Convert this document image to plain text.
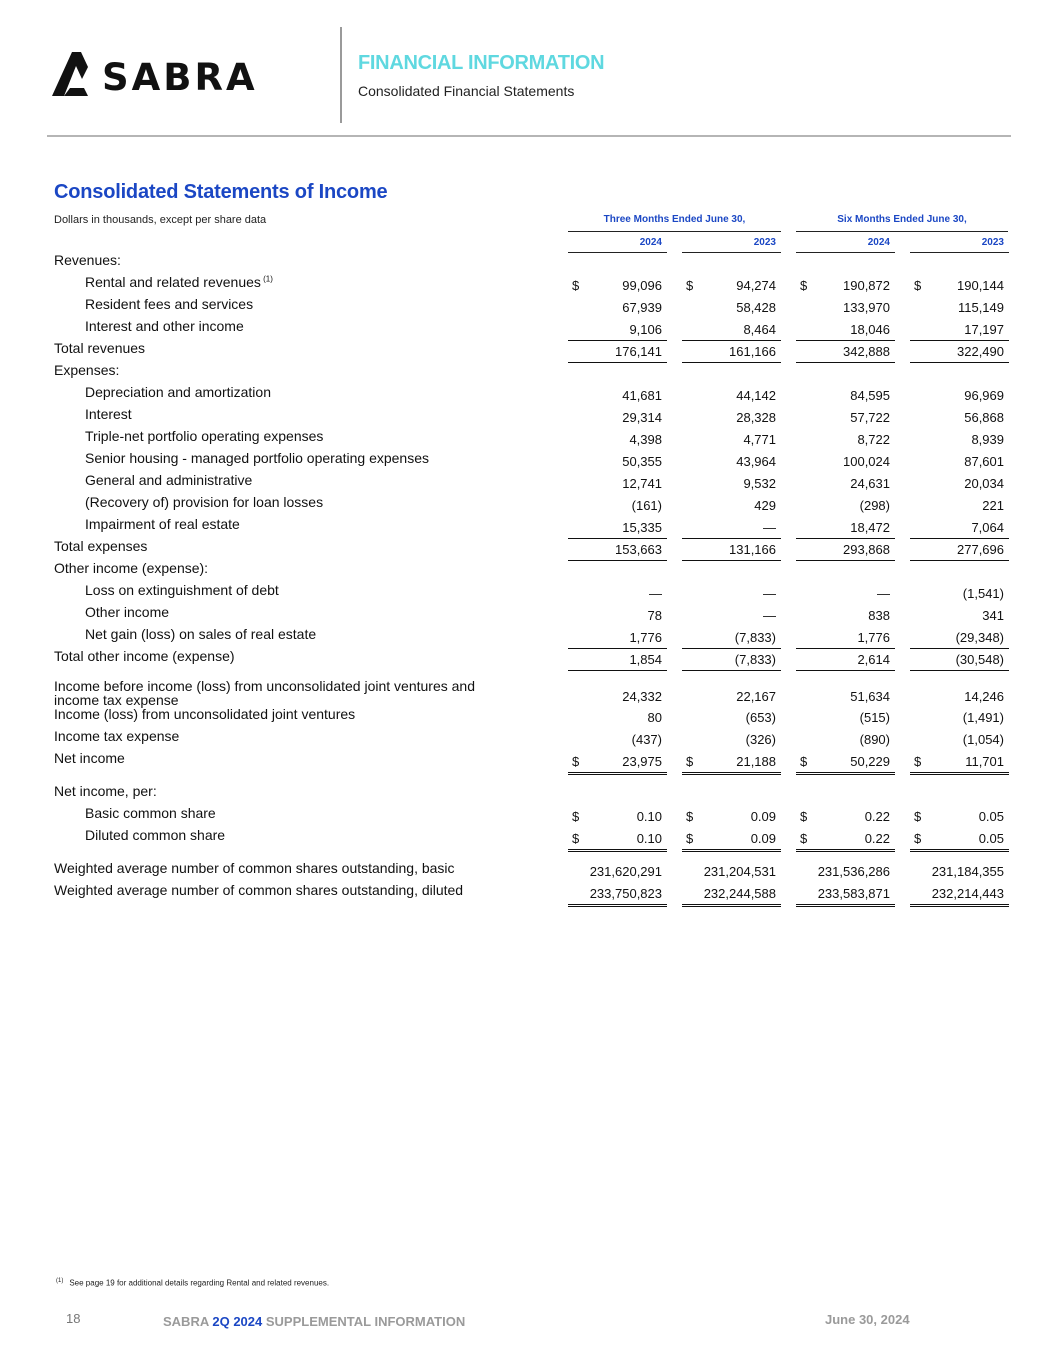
SABRA	FINANCIAL INFORMATION
Consolidated Financial Statements
Consolidated Statements of Income
Dollars in thousands, except per share data	Three Months Ended June 30,	Six Months Ended June 30,
2024	2023	2024	2023
Revenues:
Rental and related revenues $^{(1)}$	$	99,096 $	94,274 $	190,872 $	190,144
Resident fees and services	67,939	58,428	133,970	115,149
Interest and other income	9,106	8,464	18,046	17,197
Total revenues	176,141	161,166	342,888	322,490
Expenses:
Depreciation and amortization	41,681	44,142	84,595	96,969
Interest	29,314	28,328	57,722	56,868
Triple-net portfolio operating expenses	4,398	4,771	8,722	8,939
Senior housing - managed portfolio operating expenses	50,355	43,964	100,024	87,601
General and administrative	12,741	9,532	24,631	20,034
(Recovery of) provision for loan losses	(161)	429	(298)	221
Impairment of real estate	15,335	—	18,472	7,064
Total expenses	153,663	131,166	293,868	277,696
Other income (expense):
Loss on extinguishment of debt	—	—	—	(1,541)
Other income	78	—	838	341
Net gain (loss) on sales of real estate	1,776	(7,833)	1,776	(29,348)
Total other income (expense)	1,854	(7,833)	2,614	(30,548)
Income before income (loss) from unconsolidated joint ventures and
income tax expense	24,332	22,167	51,634	14,246
Income (loss) from unconsolidated joint ventures	80	(653)	(515)	(1,491)
Income tax expense	(437)	(326)	(890)	(1,054)
Net income	$	23,975 $	21,188 $	50,229 $	11,701
Net income, per:
Basic common share	$	0.10 $	0.09 $	0.22 $	0.05
Diluted common share	$	0.10 $	0.09 $	0.22 $	0.05
Weighted average number of common shares outstanding, basic	231,620,291	231,204,531	231,536,286	231,184,355
Weighted average number of common shares outstanding, diluted	233,750,823	232,244,588	233,583,871	232,214,443
$^{(1)}$ See page 19 for additional details regarding Rental and related revenues.
18	SABRA 2Q 2024 SUPPLEMENTAL INFORMATION	June 30, 2024
